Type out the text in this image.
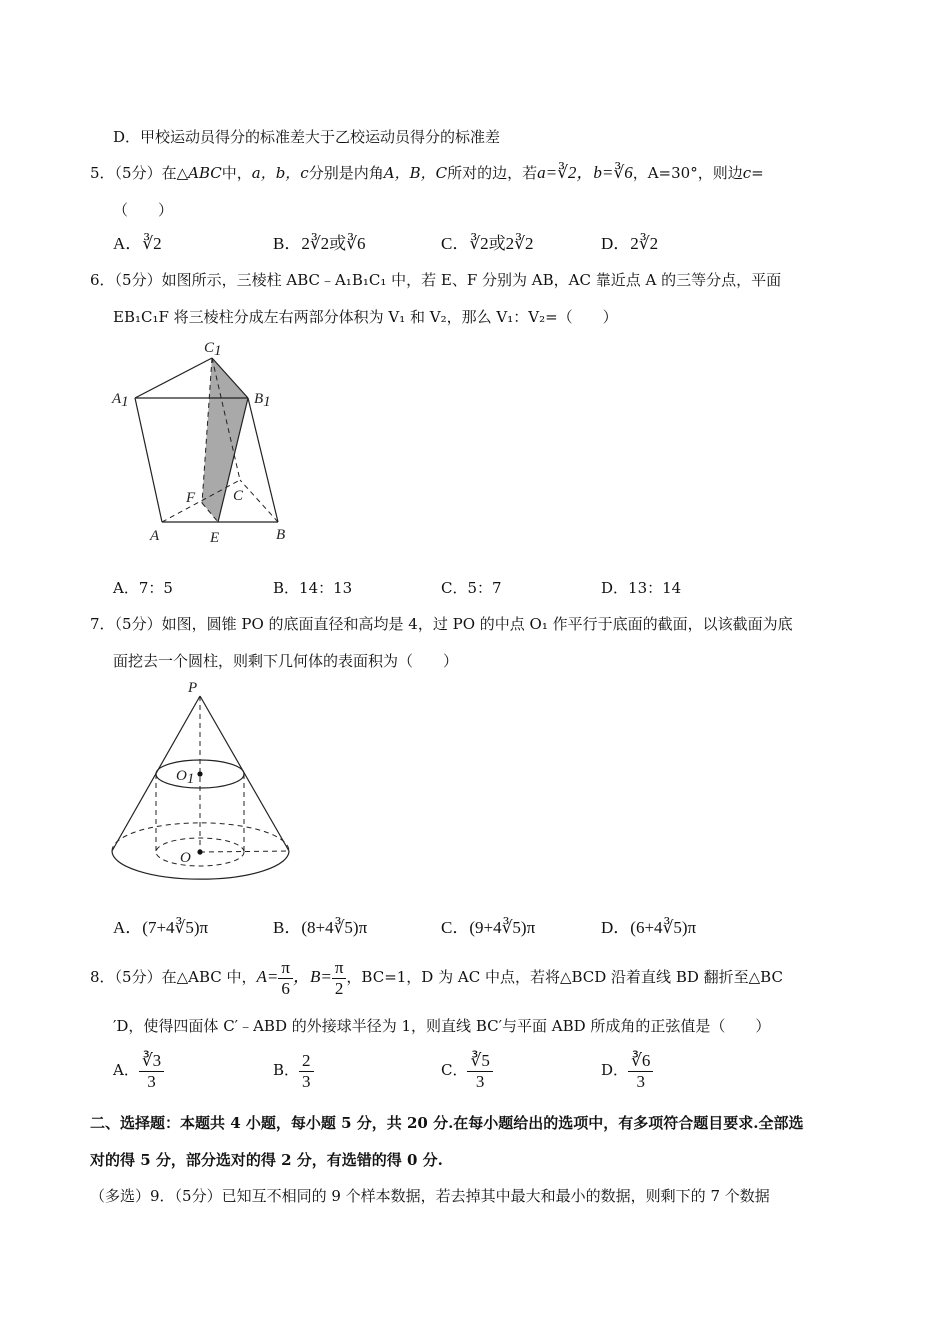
D．甲校运动员得分的标准差大于乙校运动员得分的标准差
5．（5分）在△ABC中，a，b，c分别是内角A，B，C所对的边，若a=∛2，b=∛6，A=30°，则边c=
（　　）
A．∛2	B．2∛2或∛6	C．∛2或2∛2	D．2∛2
6．（5分）如图所示，三棱柱 ABC﹣A₁B₁C₁ 中，若 E、F 分别为 AB，AC 靠近点 A 的三等分点，平面
EB₁C₁F 将三棱柱分成左右两部分体积为 V₁ 和 V₂，那么 V₁：V₂=（　　）
C1
A1	B1
F	C
A	E	B
A．7：5	B．14：13	C．5：7	D．13：14
7．（5分）如图，圆锥 PO 的底面直径和高均是 4，过 PO 的中点 O₁ 作平行于底面的截面，以该截面为底
面挖去一个圆柱，则剩下几何体的表面积为（　　）
P
O1
O
A．(7+4∛5)π	B．(8+4∛5)π	C．(9+4∛5)π	D．(6+4∛5)π
8．（5分）在△ABC 中，$A= \frac{\pi}{6}$ ，$B= \frac{\pi}{2}$ ，BC=1，D 为 AC 中点，若将△BCD 沿着直线 BD 翻折至△BC
′D，使得四面体 C′﹣ABD 的外接球半径为 1，则直线 BC′与平面 ABD 所成角的正弦值是（　　）
A． $\frac{∛3}{3}$	B． $\frac{2}{3}$	C． $\frac{∛5}{3}$	D． $\frac{∛6}{3}$
二、选择题：本题共 4 小题，每小题 5 分，共 20 分.在每小题给出的选项中，有多项符合题目要求.全部选
对的得 5 分，部分选对的得 2 分，有选错的得 0 分.
（多选）9．（5分）已知互不相同的 9 个样本数据，若去掉其中最大和最小的数据，则剩下的 7 个数据
